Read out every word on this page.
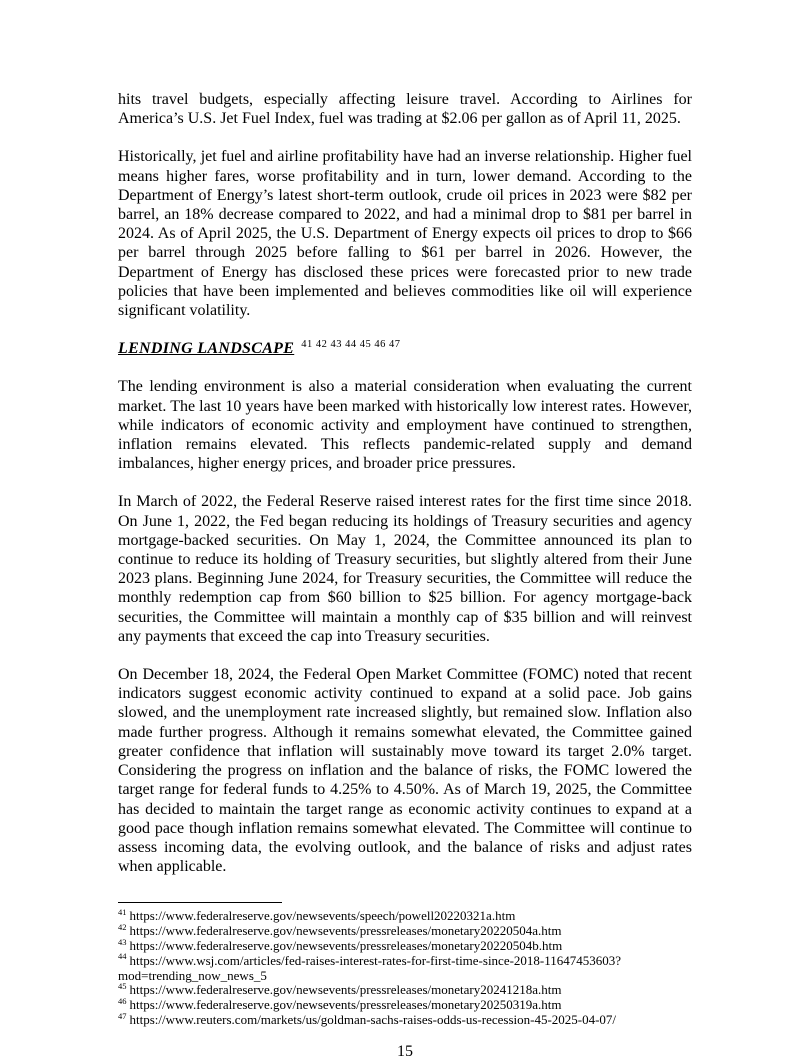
hits travel budgets, especially affecting leisure travel. According to Airlines for America’s U.S. Jet Fuel Index, fuel was trading at $2.06 per gallon as of April 11, 2025.

Historically, jet fuel and airline profitability have had an inverse relationship. Higher fuel means higher fares, worse profitability and in turn, lower demand. According to the Department of Energy’s latest short-term outlook, crude oil prices in 2023 were $82 per barrel, an 18% decrease compared to 2022, and had a minimal drop to $81 per barrel in 2024. As of April 2025, the U.S. Department of Energy expects oil prices to drop to $66 per barrel through 2025 before falling to $61 per barrel in 2026. However, the Department of Energy has disclosed these prices were forecasted prior to new trade policies that have been implemented and believes commodities like oil will experience significant volatility.

LENDING LANDSCAPE $^{41 42 43 44 45 46 47}$

The lending environment is also a material consideration when evaluating the current market. The last 10 years have been marked with historically low interest rates. However, while indicators of economic activity and employment have continued to strengthen, inflation remains elevated. This reflects pandemic-related supply and demand imbalances, higher energy prices, and broader price pressures.

In March of 2022, the Federal Reserve raised interest rates for the first time since 2018. On June 1, 2022, the Fed began reducing its holdings of Treasury securities and agency mortgage-backed securities. On May 1, 2024, the Committee announced its plan to continue to reduce its holding of Treasury securities, but slightly altered from their June 2023 plans. Beginning June 2024, for Treasury securities, the Committee will reduce the monthly redemption cap from $60 billion to $25 billion. For agency mortgage-back securities, the Committee will maintain a monthly cap of $35 billion and will reinvest any payments that exceed the cap into Treasury securities.

On December 18, 2024, the Federal Open Market Committee (FOMC) noted that recent indicators suggest economic activity continued to expand at a solid pace. Job gains slowed, and the unemployment rate increased slightly, but remained slow. Inflation also made further progress. Although it remains somewhat elevated, the Committee gained greater confidence that inflation will sustainably move toward its target 2.0% target. Considering the progress on inflation and the balance of risks, the FOMC lowered the target range for federal funds to 4.25% to 4.50%. As of March 19, 2025, the Committee has decided to maintain the target range as economic activity continues to expand at a good pace though inflation remains somewhat elevated. The Committee will continue to assess incoming data, the evolving outlook, and the balance of risks and adjust rates when applicable.

$^{41}$ https://www.federalreserve.gov/newsevents/speech/powell20220321a.htm
$^{42}$ https://www.federalreserve.gov/newsevents/pressreleases/monetary20220504a.htm
$^{43}$ https://www.federalreserve.gov/newsevents/pressreleases/monetary20220504b.htm
$^{44}$ https://www.wsj.com/articles/fed-raises-interest-rates-for-first-time-since-2018-11647453603?mod=trending_now_news_5
$^{45}$ https://www.federalreserve.gov/newsevents/pressreleases/monetary20241218a.htm
$^{46}$ https://www.federalreserve.gov/newsevents/pressreleases/monetary20250319a.htm
$^{47}$ https://www.reuters.com/markets/us/goldman-sachs-raises-odds-us-recession-45-2025-04-07/
15
